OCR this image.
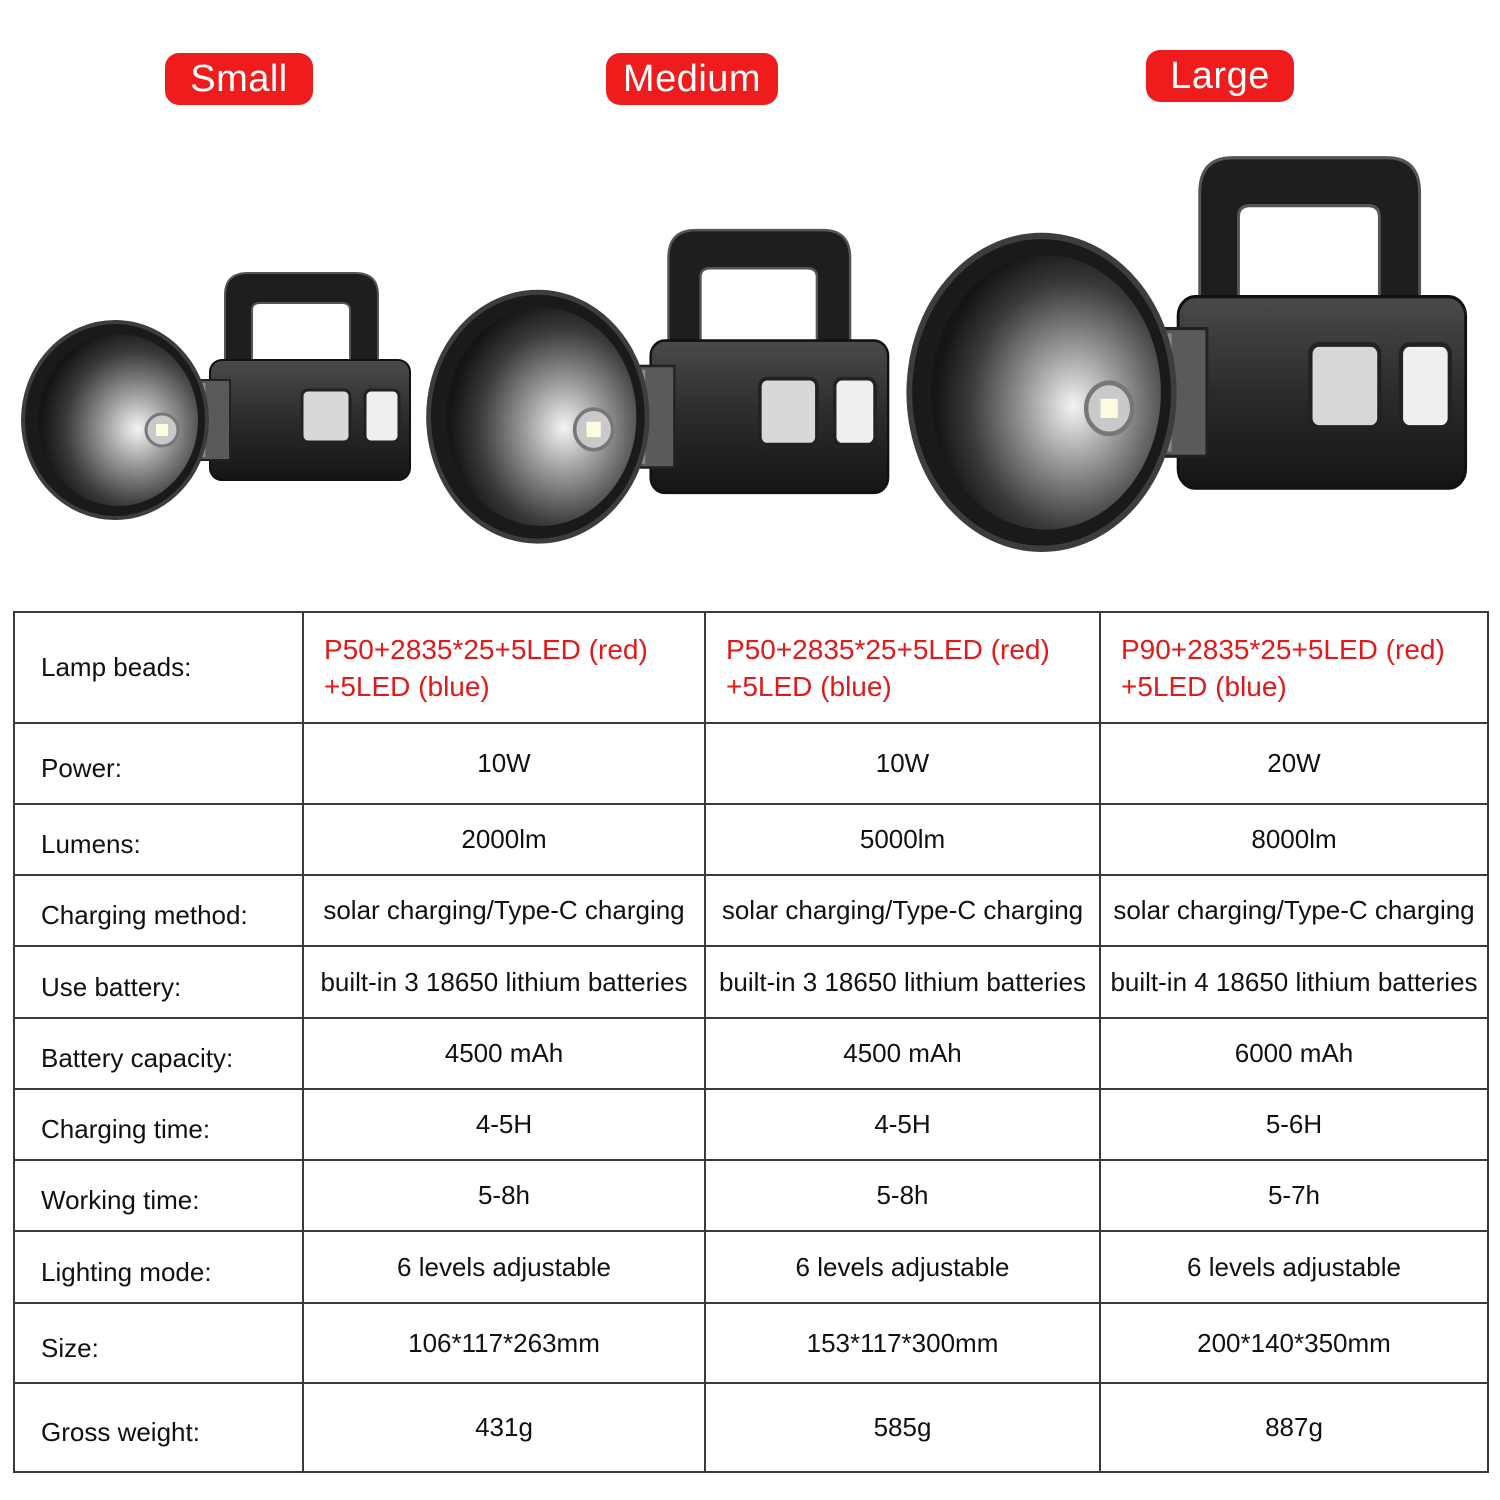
Small	Medium	Large
Lamp beads:	P50+2835*25+5LED (red) +5LED (blue)	P50+2835*25+5LED (red) +5LED (blue)	P90+2835*25+5LED (red) +5LED (blue)
Power:	10W	10W	20W
Lumens:	2000lm	5000lm	8000lm
Charging method:	solar charging/Type-C charging	solar charging/Type-C charging	solar charging/Type-C charging
Use battery:	built-in 3 18650 lithium batteries	built-in 3 18650 lithium batteries	built-in 4 18650 lithium batteries
Battery capacity:	4500 mAh	4500 mAh	6000 mAh
Charging time:	4-5H	4-5H	5-6H
Working time:	5-8h	5-8h	5-7h
Lighting mode:	6 levels adjustable	6 levels adjustable	6 levels adjustable
Size:	106*117*263mm	153*117*300mm	200*140*350mm
Gross weight:	431g	585g	887g
